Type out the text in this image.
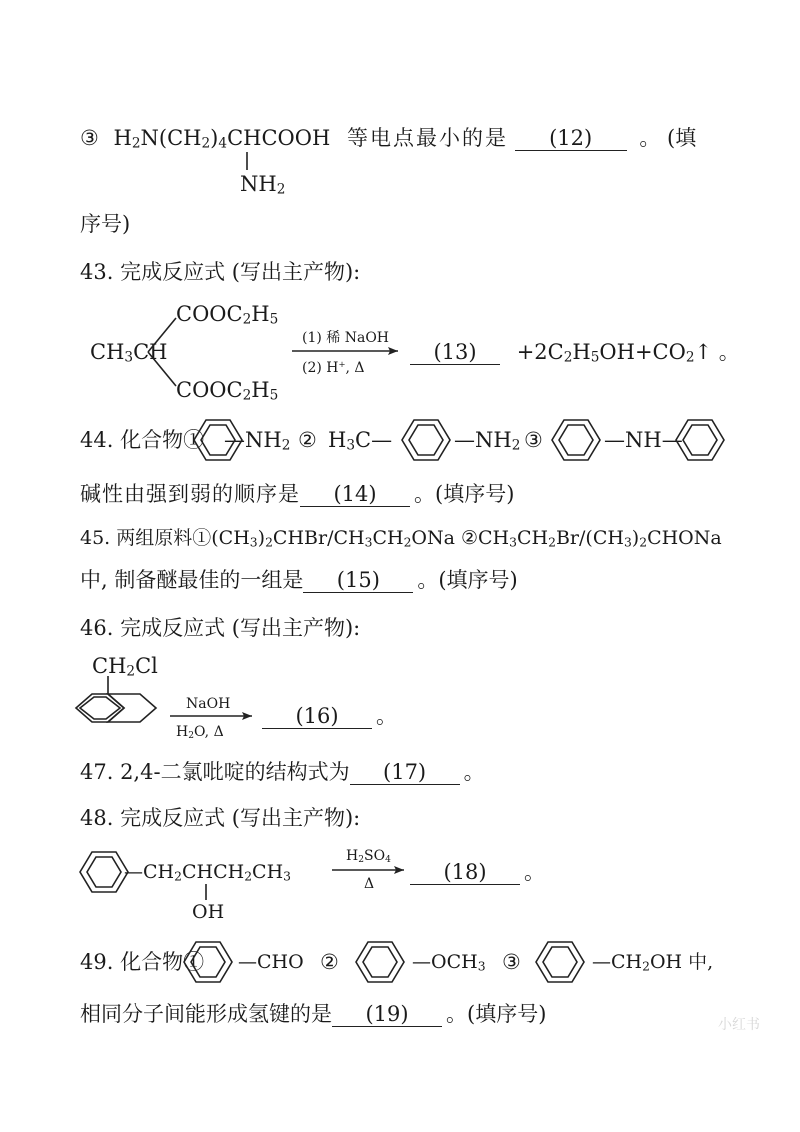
③ $H_2N(CH_2)_4CHCOOH$ 等电点最小的是 (12) 。 (填
$NH_2$
序号)
43. 完成反应式 (写出主产物):
$COOC_2H_5$
$CH_3CH$
$COOC_2H_5$
(1) 稀 NaOH
(2) H+, Δ
$(13) +2C_2H_5OH+CO_2↑$ 。
44. 化合物① $—NH_2$ ② $H_3C—$	$—NH_2$ ③	—NH—
碱性由强到弱的顺序是 (14) 。(填序号)
45. 两组原料$①(CH_3)_2CHBr/CH_3CH_2ONa$ $②CH_3CH_2Br/(CH_3)_2CHONa$
中, 制备醚最佳的一组是 (15) 。(填序号)
46. 完成反应式 (写出主产物):
$CH_2Cl$
NaOH
$H_2O$, Δ
(16) 。
47. 2,4-二氯吡啶的结构式为 (17) 。
48. 完成反应式 (写出主产物):
$—CH_2CHCH_2CH_3$
OH
$H_2SO_4$
Δ	(18) 。
49. 化合物① —CHO ②	$—OCH_3$ ③	$—CH_2OH$ 中,
相同分子间能形成氢键的是 (19) 。(填序号)	小红书
